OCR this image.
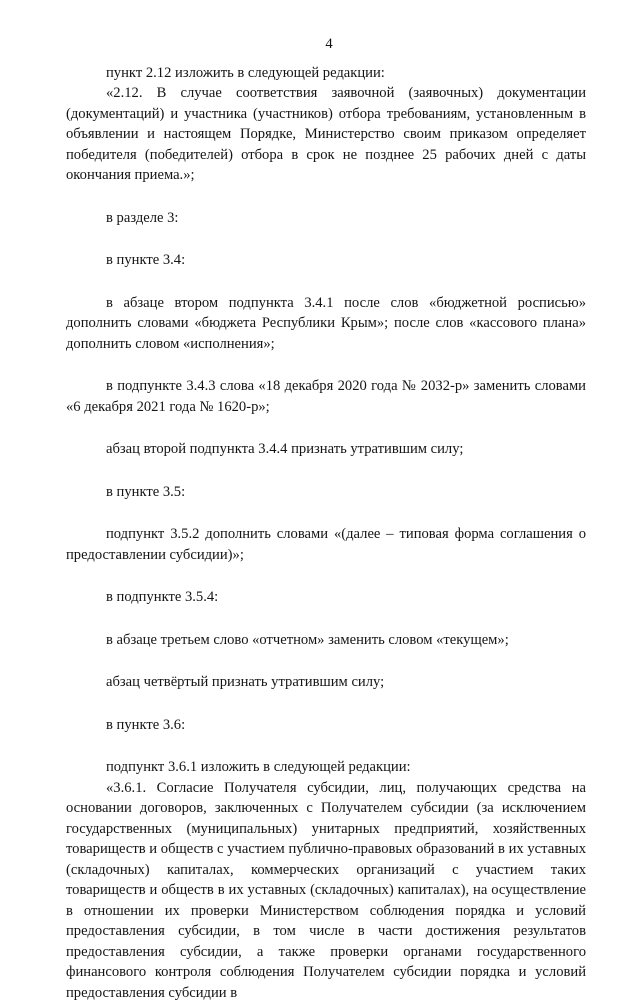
4

пункт 2.12 изложить в следующей редакции:

«2.12. В случае соответствия заявочной (заявочных) документации (документаций) и участника (участников) отбора требованиям, установленным в объявлении и настоящем Порядке, Министерство своим приказом определяет победителя (победителей) отбора в срок не позднее 25 рабочих дней с даты окончания приема.»;

в разделе 3:

в пункте 3.4:

в абзаце втором подпункта 3.4.1 после слов «бюджетной росписью» дополнить словами «бюджета Республики Крым»; после слов «кассового плана» дополнить словом «исполнения»;

в подпункте 3.4.3 слова «18 декабря 2020 года № 2032-р» заменить словами «6 декабря 2021 года № 1620-р»;

абзац второй подпункта 3.4.4 признать утратившим силу;

в пункте 3.5:

подпункт 3.5.2 дополнить словами «(далее – типовая форма соглашения о предоставлении субсидии)»;

в подпункте 3.5.4:

в абзаце третьем слово «отчетном» заменить словом «текущем»;

абзац четвёртый признать утратившим силу;

в пункте 3.6:

подпункт 3.6.1 изложить в следующей редакции:

«3.6.1. Согласие Получателя субсидии, лиц, получающих средства на основании договоров, заключенных с Получателем субсидии (за исключением государственных (муниципальных) унитарных предприятий, хозяйственных товариществ и обществ с участием публично-правовых образований в их уставных (складочных) капиталах, коммерческих организаций с участием таких товариществ и обществ в их уставных (складочных) капиталах), на осуществление в отношении их проверки Министерством соблюдения порядка и условий предоставления субсидии, в том числе в части достижения результатов предоставления субсидии, а также проверки органами государственного финансового контроля соблюдения Получателем субсидии порядка и условий предоставления субсидии в
